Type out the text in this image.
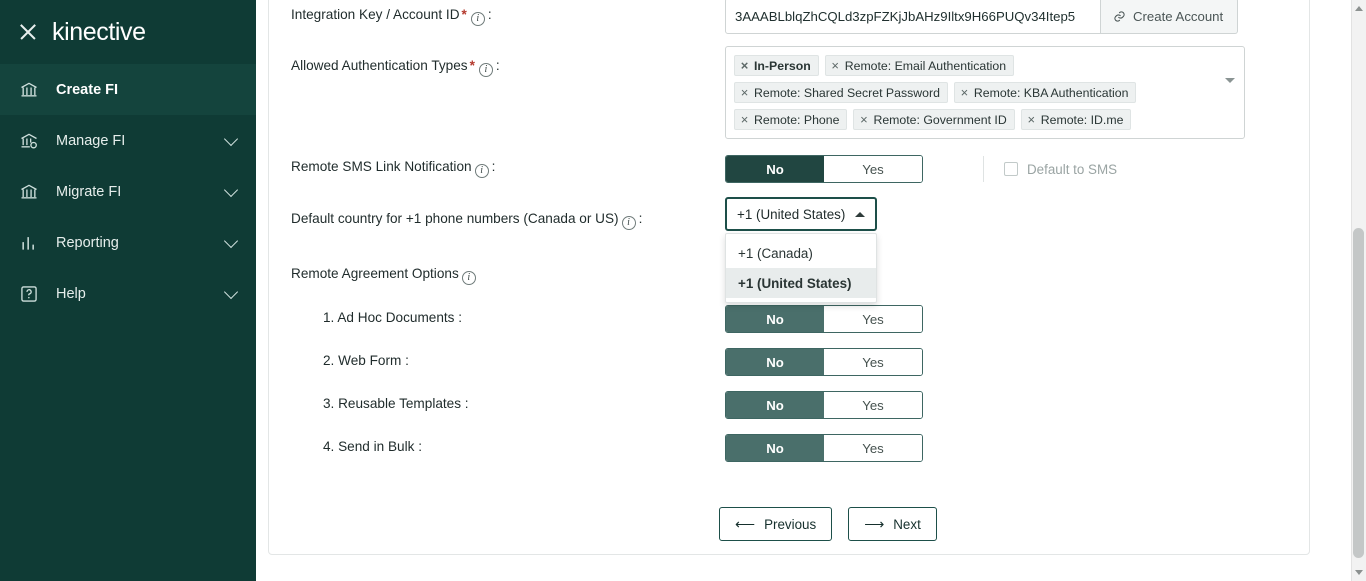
kinective
Create FI
Manage FI
Migrate FI
Reporting
Help
Integration Key / Account ID * i :
3AAABLblqZhCQLd3zpFZKjJbAHz9Iltx9H66PUQv34Itep5	Create Account
Allowed Authentication Types * i :	× In-Person	× Remote: Email Authentication
× Remote: Shared Secret Password	× Remote: KBA Authentication
× Remote: Phone	× Remote: Government ID	× Remote: ID.me
Remote SMS Link Notification i :	No	Yes	Default to SMS
Default country for +1 phone numbers (Canada or US) i :	+1 (United States)
+1 (Canada)
+1 (United States)
Remote Agreement Options i
1. Ad Hoc Documents :	No	Yes
2. Web Form :	No	Yes
3. Reusable Templates :	No	Yes
4. Send in Bulk :	No	Yes
⟵ Previous	⟶ Next
